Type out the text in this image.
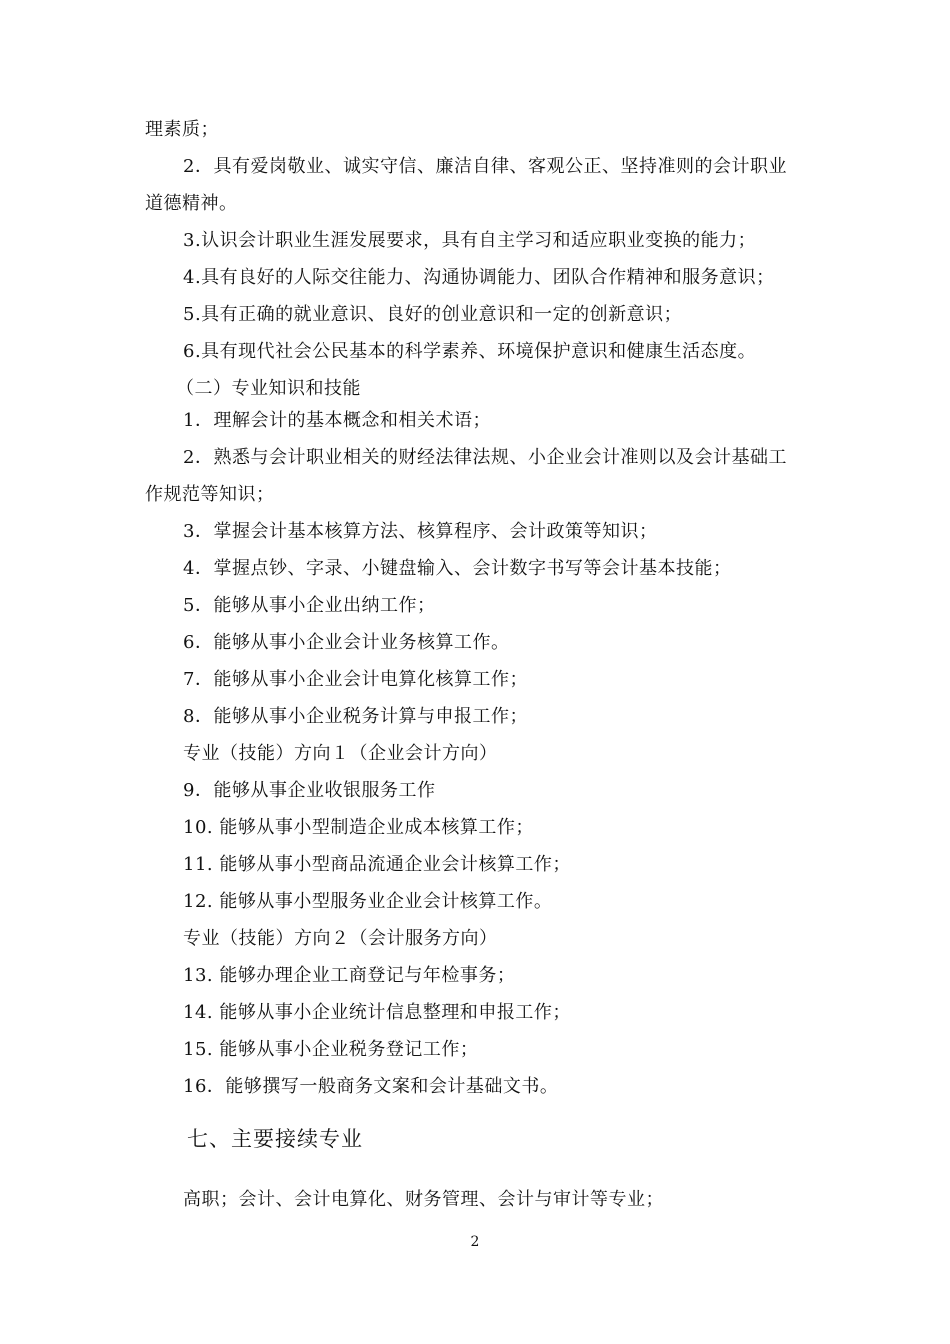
理素质；
2．具有爱岗敬业、诚实守信、廉洁自律、客观公正、坚持准则的会计职业
道德精神。
3.认识会计职业生涯发展要求，具有自主学习和适应职业变换的能力；
4.具有良好的人际交往能力、沟通协调能力、团队合作精神和服务意识；
5.具有正确的就业意识、良好的创业意识和一定的创新意识；
6.具有现代社会公民基本的科学素养、环境保护意识和健康生活态度。
（二）专业知识和技能
1．理解会计的基本概念和相关术语；
2．熟悉与会计职业相关的财经法律法规、小企业会计准则以及会计基础工
作规范等知识；
3．掌握会计基本核算方法、核算程序、会计政策等知识；
4．掌握点钞、字录、小键盘输入、会计数字书写等会计基本技能；
5．能够从事小企业出纳工作；
6．能够从事小企业会计业务核算工作。
7．能够从事小企业会计电算化核算工作；
8．能够从事小企业税务计算与申报工作；
专业（技能）方向１（企业会计方向）
9．能够从事企业收银服务工作
10. 能够从事小型制造企业成本核算工作；
11. 能够从事小型商品流通企业会计核算工作；
12. 能够从事小型服务业企业会计核算工作。
专业（技能）方向２（会计服务方向）
13. 能够办理企业工商登记与年检事务；
14. 能够从事小企业统计信息整理和申报工作；
15. 能够从事小企业税务登记工作；
16．能够撰写一般商务文案和会计基础文书。
七、主要接续专业
高职；会计、会计电算化、财务管理、会计与审计等专业；
2
